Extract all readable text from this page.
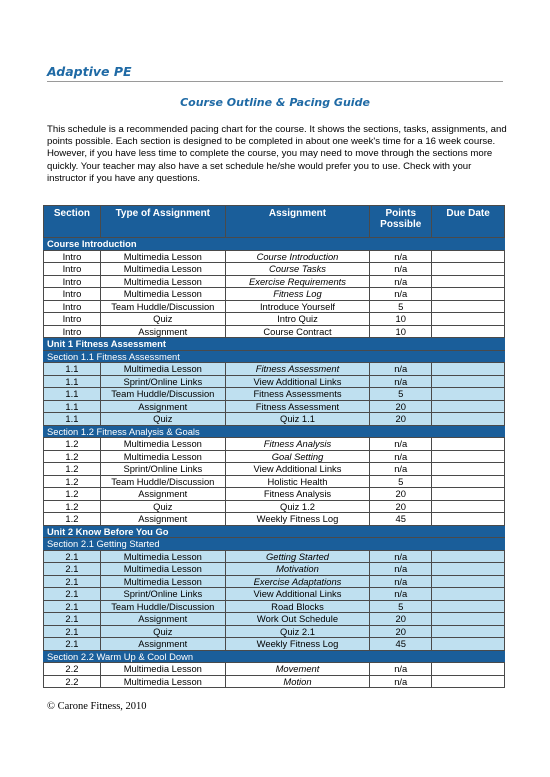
Adaptive PE
Course Outline & Pacing Guide
This schedule is a recommended pacing chart for the course. It shows the sections, tasks, assignments, and points possible. Each section is designed to be completed in about one week's time for a 16 week course. However, if you have less time to complete the course, you may need to move through the sections more quickly. Your teacher may also have a set schedule he/she would prefer you to use. Check with your instructor if you have any questions.
Section	Type of Assignment	Assignment	Points Possible	Due Date
Course Introduction				
Intro	Multimedia Lesson	Course Introduction	n/a	
Intro	Multimedia Lesson	Course Tasks	n/a	
Intro	Multimedia Lesson	Exercise Requirements	n/a	
Intro	Multimedia Lesson	Fitness Log	n/a	
Intro	Team Huddle/Discussion	Introduce Yourself	5	
Intro	Quiz	Intro Quiz	10	
Intro	Assignment	Course Contract	10	
Unit 1 Fitness Assessment				
Section 1.1 Fitness Assessment				
1.1	Multimedia Lesson	Fitness Assessment	n/a	
1.1	Sprint/Online Links	View Additional Links	n/a	
1.1	Team Huddle/Discussion	Fitness Assessments	5	
1.1	Assignment	Fitness Assessment	20	
1.1	Quiz	Quiz 1.1	20	
Section 1.2 Fitness Analysis & Goals				
1.2	Multimedia Lesson	Fitness Analysis	n/a	
1.2	Multimedia Lesson	Goal Setting	n/a	
1.2	Sprint/Online Links	View Additional Links	n/a	
1.2	Team Huddle/Discussion	Holistic Health	5	
1.2	Assignment	Fitness Analysis	20	
1.2	Quiz	Quiz 1.2	20	
1.2	Assignment	Weekly Fitness Log	45	
Unit 2 Know Before You Go				
Section 2.1 Getting Started				
2.1	Multimedia Lesson	Getting Started	n/a	
2.1	Multimedia Lesson	Motivation	n/a	
2.1	Multimedia Lesson	Exercise Adaptations	n/a	
2.1	Sprint/Online Links	View Additional Links	n/a	
2.1	Team Huddle/Discussion	Road Blocks	5	
2.1	Assignment	Work Out Schedule	20	
2.1	Quiz	Quiz 2.1	20	
2.1	Assignment	Weekly Fitness Log	45	
Section 2.2 Warm Up & Cool Down				
2.2	Multimedia Lesson	Movement	n/a	
2.2	Multimedia Lesson	Motion	n/a	
© Carone Fitness, 2010
